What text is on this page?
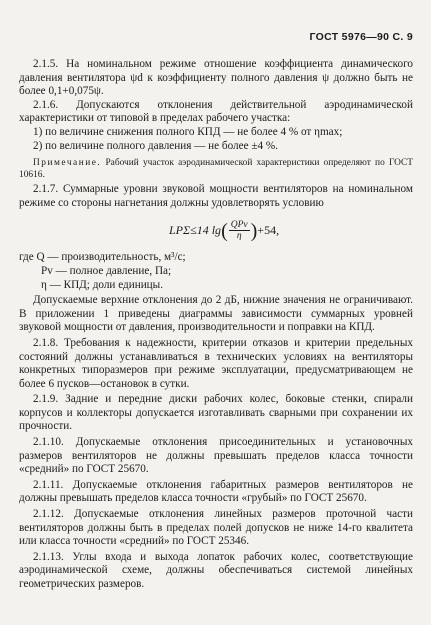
ГОСТ 5976—90 С. 9

2.1.5. На номинальном режиме отношение коэффициента динамического давления вентилятора ψd к коэффициенту полного давления ψ должно быть не более 0,1+0,075ψ.

2.1.6. Допускаются отклонения действительной аэродинамической характеристики от типовой в пределах рабочего участка:

1) по величине снижения полного КПД — не более 4 % от ηmax;

2) по величине полного давления — не более ±4 %.

Примечание. Рабочий участок аэродинамической характеристики определяют по ГОСТ 10616.

2.1.7. Суммарные уровни звуковой мощности вентиляторов на номинальном режиме со стороны нагнетания должны удовлетворять условию

LPΣ≤14 lg ( $\frac{\text{QPv}}{\eta}$ ) +54,

где Q — производительность, м³/с;

Pv — полное давление, Па;

η — КПД; доли единицы.

Допускаемые верхние отклонения до 2 дБ, нижние значения не ограничивают. В приложении 1 приведены диаграммы зависимости суммарных уровней звуковой мощности от давления, производительности и поправки на КПД.

2.1.8. Требования к надежности, критерии отказов и критерии предельных состояний должны устанавливаться в технических условиях на вентиляторы конкретных типоразмеров при режиме эксплуатации, предусматривающем не более 6 пусков—остановок в сутки.

2.1.9. Задние и передние диски рабочих колес, боковые стенки, спирали корпусов и коллекторы допускается изготавливать сварными при сохранении их прочности.

2.1.10. Допускаемые отклонения присоединительных и установочных размеров вентиляторов не должны превышать пределов класса точности «средний» по ГОСТ 25670.

2.1.11. Допускаемые отклонения габаритных размеров вентиляторов не должны превышать пределов класса точности «грубый» по ГОСТ 25670.

2.1.12. Допускаемые отклонения линейных размеров проточной части вентиляторов должны быть в пределах полей допусков не ниже 14-го квалитета или класса точности «средний» по ГОСТ 25346.

2.1.13. Углы входа и выхода лопаток рабочих колес, соответствующие аэродинамической схеме, должны обеспечиваться системой линейных геометрических размеров.
